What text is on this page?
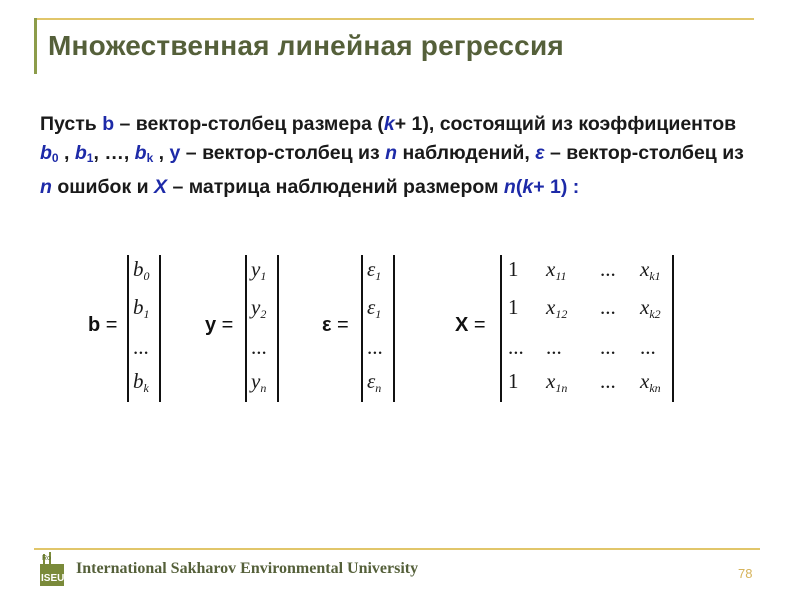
Множественная линейная регрессия
Пусть b – вектор-столбец размера (k+ 1), состоящий из коэффициентов $b_0$ , $b_1$, …, $b_k$ , y – вектор-столбец из n наблюдений, ε – вектор-столбец из n ошибок и X – матрица наблюдений размером n(k+ 1) :
b =
$b_0$
$b_1$
...
$b_k$
y =
$y_1$
$y_2$
...
$y_n$
ε =
$\varepsilon_1$
$\varepsilon_1$
...
$\varepsilon_n$
X =
1 $x_{11}$ ... $x_{k1}$
1 $x_{12}$ ... $x_{k2}$
... ... ... ...
1 $x_{1n}$ ... $x_{kn}$
Ro
ISEU
International Sakharov Environmental University	78
